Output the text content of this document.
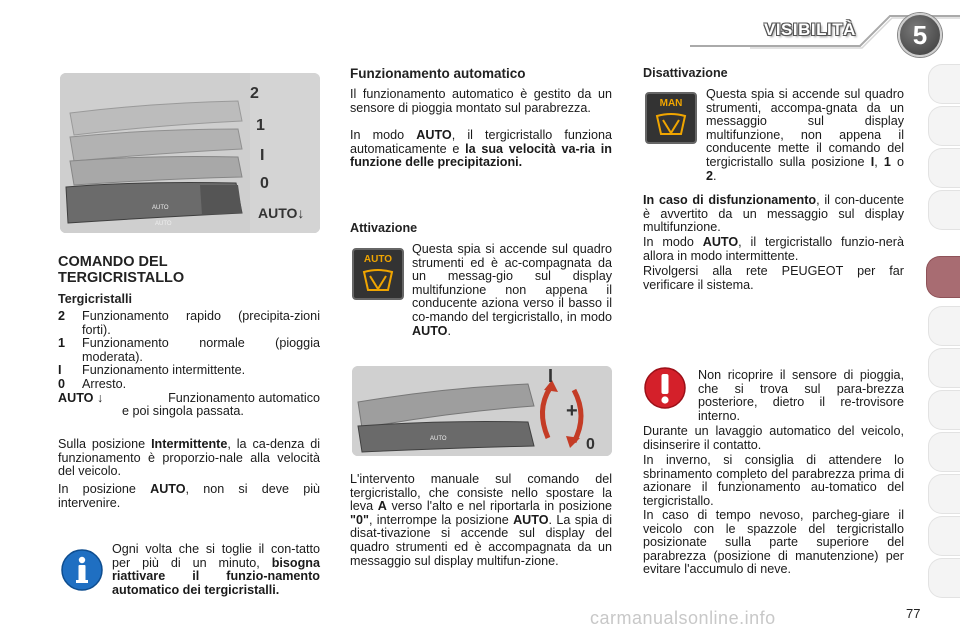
VISIBILITÀ	5
AUTO
AUTO
2
1
I
0
AUTO↓
COMANDO DEL
TERGICRISTALLO
Tergicristalli
2	Funzionamento rapido (precipita-zioni forti).
1	Funzionamento normale (pioggia moderata).
I	Funzionamento intermittente.
0	Arresto.
AUTO ↓	Funzionamento automatico
e poi singola passata.
Sulla posizione Intermittente, la ca-denza di funzionamento è proporzio-nale alla velocità del veicolo.
In posizione AUTO, non si deve più intervenire.
Ogni volta che si toglie il con-tatto per più di un minuto, bisogna riattivare il funzio-namento automatico dei tergicristalli.
Funzionamento automatico
Il funzionamento automatico è gestito da un sensore di pioggia montato sul parabrezza.
In modo AUTO, il tergicristallo funziona automaticamente e la sua velocità va-ria in funzione delle precipitazioni.
Attivazione
AUTO
Questa spia si accende sul quadro strumenti ed è ac-compagnata da un messag-gio sul display multifunzione non appena il conducente aziona verso il basso il co-mando del tergicristallo, in modo AUTO.
AUTO
I
+
0
L'intervento manuale sul comando del tergicristallo, che consiste nello spostare la leva A verso l'alto e nel riportarla in posizione "0", interrompe la posizione AUTO. La spia di disat-tivazione si accende sul display del quadro strumenti ed è accompagnata da un messaggio sul display multifun-zione.
Disattivazione
MAN
Questa spia si accende sul quadro strumenti, accompa-gnata da un messaggio sul display multifunzione, non appena il conducente mette il comando del tergicristallo sulla posizione I, 1 o 2.
In caso di disfunzionamento, il con-ducente è avvertito da un messaggio sul display multifunzione.
In modo AUTO, il tergicristallo funzio-nerà allora in modo intermittente.
Rivolgersi alla rete PEUGEOT per far verificare il sistema.
Non ricoprire il sensore di pioggia, che si trova sul para-brezza posteriore, dietro il re-trovisore interno.
Durante un lavaggio automatico del veicolo, disinserire il contatto.
In inverno, si consiglia di attendere lo sbrinamento completo del parabrezza prima di azionare il funzionamento au-tomatico del tergicristallo.
In caso di tempo nevoso, parcheg-giare il veicolo con le spazzole del tergicristallo posizionate sulla parte superiore del parabrezza (posizione di manutenzione) per evitare l'accumulo di neve.
carmanualsonline.info	77
